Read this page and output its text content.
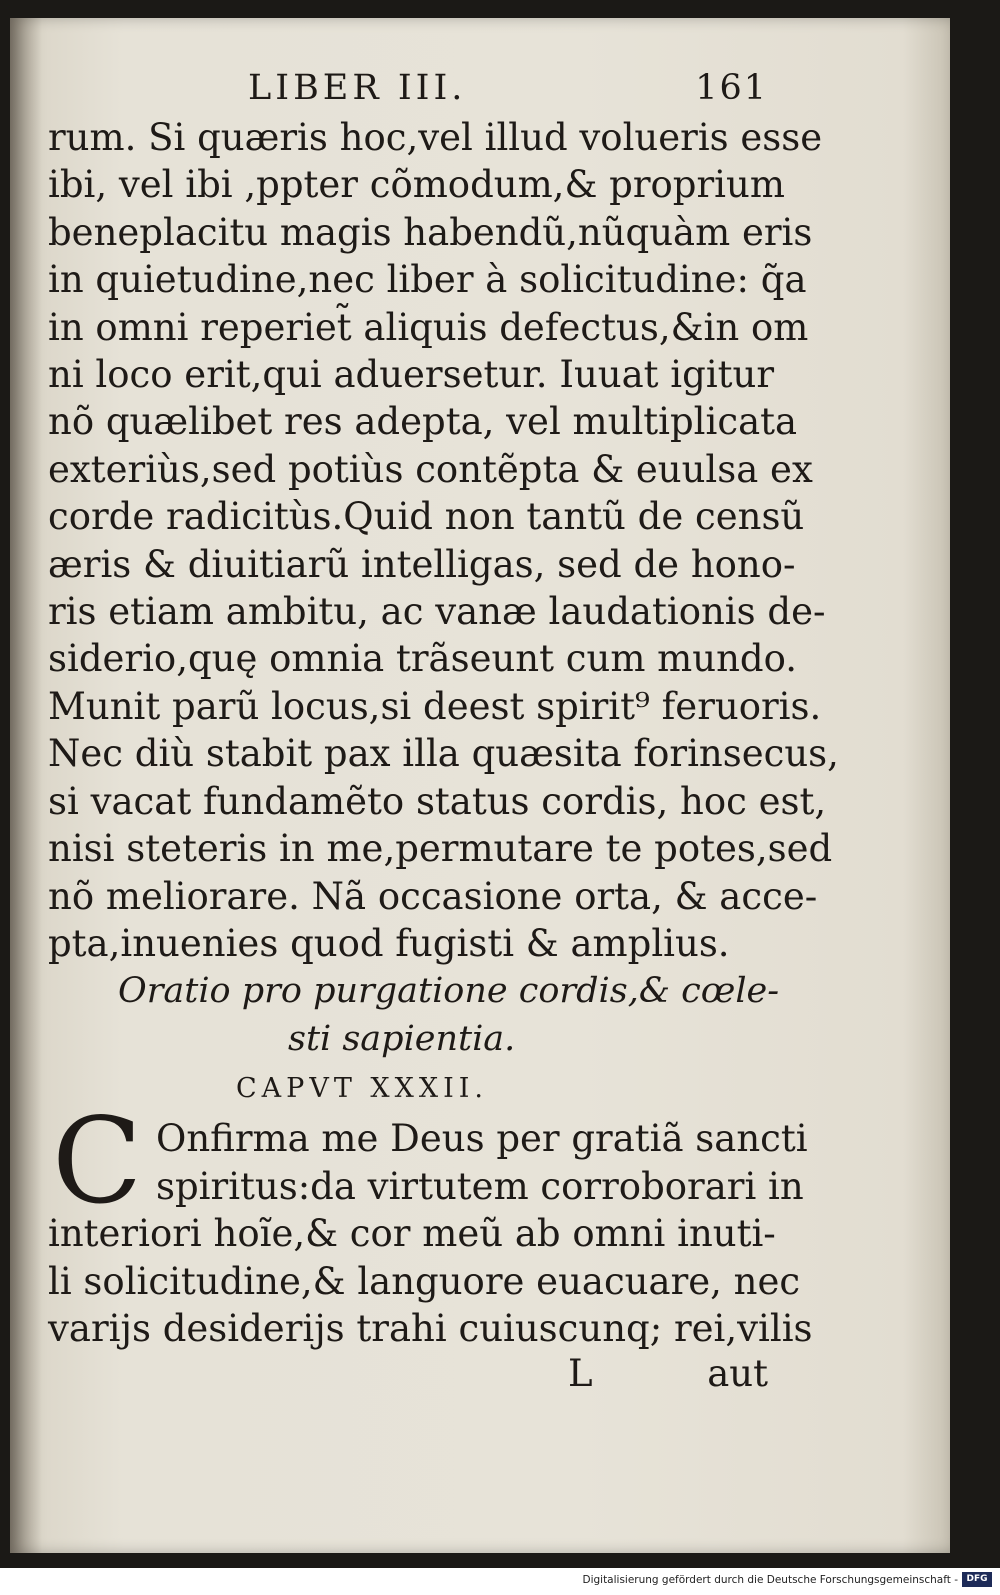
LIBER III.	161
rum. Si quæris hoc,vel illud volueris esse
ibi, vel ibi ,ppter cõmodum,& proprium
beneplacitu magis habendũ,nũquàm eris
in quietudine,nec liber à solicitudine: q̃a
in omni reperiet̃ aliquis defectus,&in om
ni loco erit,qui aduersetur. Iuuat igitur
nõ quælibet res adepta, vel multiplicata
exteriùs,sed potiùs contẽpta & euulsa ex
corde radicitùs.Quid non tantũ de censũ
æris & diuitiarũ intelligas, sed de hono-
ris etiam ambitu, ac vanæ laudationis de-
siderio,quę omnia trãseunt cum mundo.
Munit parũ locus,si deest spirit⁹ feruoris.
Nec diù stabit pax illa quæsita forinsecus,
si vacat fundamẽto status cordis, hoc est,
nisi steteris in me,permutare te potes,sed
nõ meliorare. Nã occasione orta, & acce-
pta,inuenies quod fugisti & amplius.
Oratio pro purgatione cordis,& cœle-
sti sapientia.
CAPVT XXXII.
C Onfirma me Deus per gratiã sancti
spiritus:da virtutem corroborari in
interiori hoĩe,& cor meũ ab omni inuti-
li solicitudine,& languore euacuare, nec
varijs desiderijs trahi cuiuscunq; rei,vilis
L	aut
Digitalisierung gefördert durch die Deutsche Forschungsgemeinschaft - DFG
